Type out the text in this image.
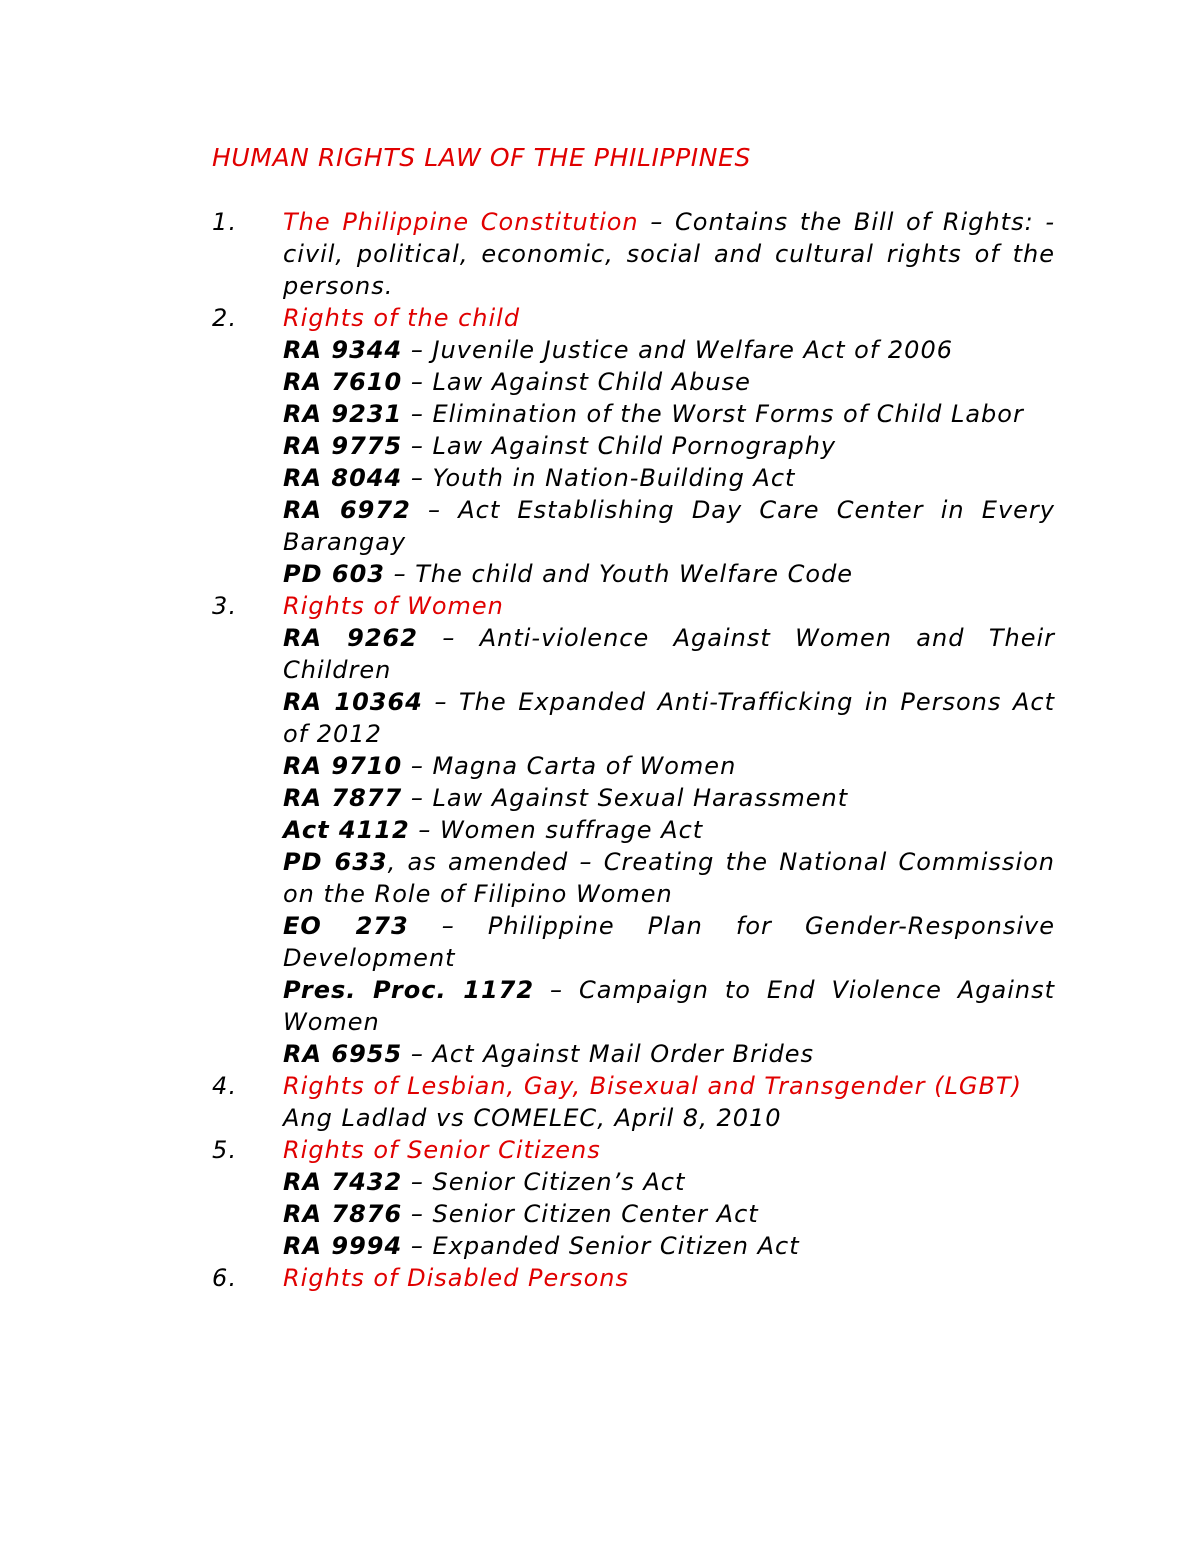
HUMAN RIGHTS LAW OF THE PHILIPPINES
1. The Philippine Constitution – Contains the Bill of Rights: - civil, political, economic, social and cultural rights of the persons.
2. Rights of the child
RA 9344 – Juvenile Justice and Welfare Act of 2006
RA 7610 – Law Against Child Abuse
RA 9231 – Elimination of the Worst Forms of Child Labor
RA 9775 – Law Against Child Pornography
RA 8044 – Youth in Nation-Building Act
RA 6972 – Act Establishing Day Care Center in Every Barangay
PD 603 – The child and Youth Welfare Code
3. Rights of Women
RA 9262 – Anti-violence Against Women and Their Children
RA 10364 – The Expanded Anti-Trafficking in Persons Act of 2012
RA 9710 – Magna Carta of Women
RA 7877 – Law Against Sexual Harassment
Act 4112 – Women suffrage Act
PD 633, as amended – Creating the National Commission on the Role of Filipino Women
EO 273 – Philippine Plan for Gender-Responsive Development
Pres. Proc. 1172 – Campaign to End Violence Against Women
RA 6955 – Act Against Mail Order Brides
4. Rights of Lesbian, Gay, Bisexual and Transgender (LGBT)
Ang Ladlad vs COMELEC, April 8, 2010
5. Rights of Senior Citizens
RA 7432 – Senior Citizen’s Act
RA 7876 – Senior Citizen Center Act
RA 9994 – Expanded Senior Citizen Act
6. Rights of Disabled Persons
